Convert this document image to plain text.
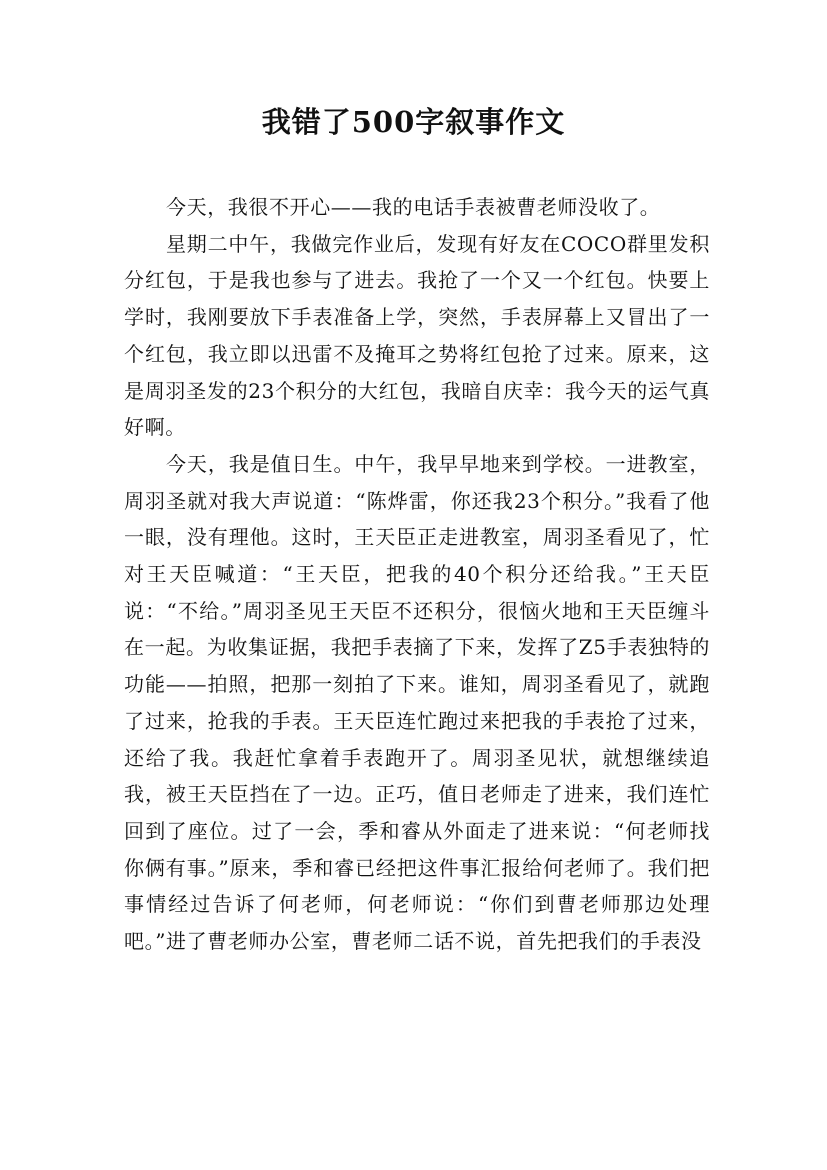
我错了500字叙事作文

今天，我很不开心——我的电话手表被曹老师没收了。

星期二中午，我做完作业后，发现有好友在COCO群里发积分红包，于是我也参与了进去。我抢了一个又一个红包。快要上学时，我刚要放下手表准备上学，突然，手表屏幕上又冒出了一个红包，我立即以迅雷不及掩耳之势将红包抢了过来。原来，这是周羽圣发的23个积分的大红包，我暗自庆幸：我今天的运气真好啊。

今天，我是值日生。中午，我早早地来到学校。一进教室，周羽圣就对我大声说道：“陈烨雷，你还我23个积分。”我看了他一眼，没有理他。这时，王天臣正走进教室，周羽圣看见了，忙对王天臣喊道：“王天臣，把我的40个积分还给我。”王天臣说：“不给。”周羽圣见王天臣不还积分，很恼火地和王天臣缠斗在一起。为收集证据，我把手表摘了下来，发挥了Z5手表独特的功能——拍照，把那一刻拍了下来。谁知，周羽圣看见了，就跑了过来，抢我的手表。王天臣连忙跑过来把我的手表抢了过来，还给了我。我赶忙拿着手表跑开了。周羽圣见状，就想继续追我，被王天臣挡在了一边。正巧，值日老师走了进来，我们连忙回到了座位。过了一会，季和睿从外面走了进来说：“何老师找你俩有事。”原来，季和睿已经把这件事汇报给何老师了。我们把事情经过告诉了何老师，何老师说：“你们到曹老师那边处理吧。”进了曹老师办公室，曹老师二话不说，首先把我们的手表没
